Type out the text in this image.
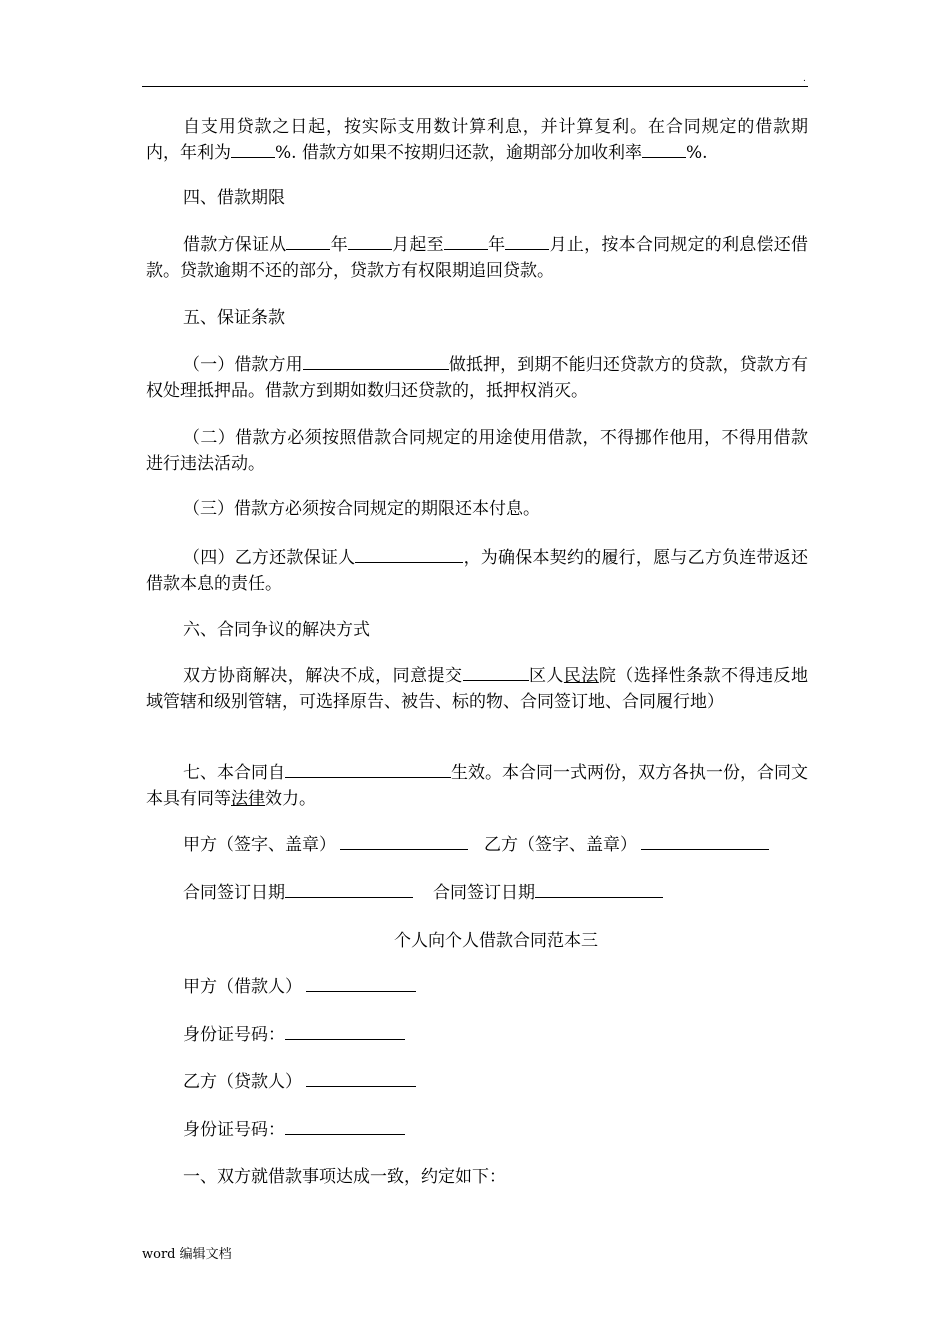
.

自支用贷款之日起，按实际支用数计算利息，并计算复利。在合同规定的借款期内，年利为	%. 借款方如果不按期归还款，逾期部分加收利率	%.

四、借款期限

借款方保证从	年	月起至	年	月止，按本合同规定的利息偿还借款。贷款逾期不还的部分，贷款方有权限期追回贷款。

五、保证条款

（一）借款方用	做抵押，到期不能归还贷款方的贷款，贷款方有权处理抵押品。借款方到期如数归还贷款的，抵押权消灭。

（二）借款方必须按照借款合同规定的用途使用借款，不得挪作他用，不得用借款进行违法活动。

（三）借款方必须按合同规定的期限还本付息。

（四）乙方还款保证人	，为确保本契约的履行，愿与乙方负连带返还借款本息的责任。

六、合同争议的解决方式

双方协商解决，解决不成，同意提交	区人民法院（选择性条款不得违反地域管辖和级别管辖，可选择原告、被告、标的物、合同签订地、合同履行地）

七、本合同自	生效。本合同一式两份，双方各执一份，合同文本具有同等法律效力。

甲方（签字、盖章）	乙方（签字、盖章）

合同签订日期	合同签订日期

个人向个人借款合同范本三

甲方（借款人）

身份证号码：

乙方（贷款人）

身份证号码：

一、双方就借款事项达成一致，约定如下：

word 编辑文档
